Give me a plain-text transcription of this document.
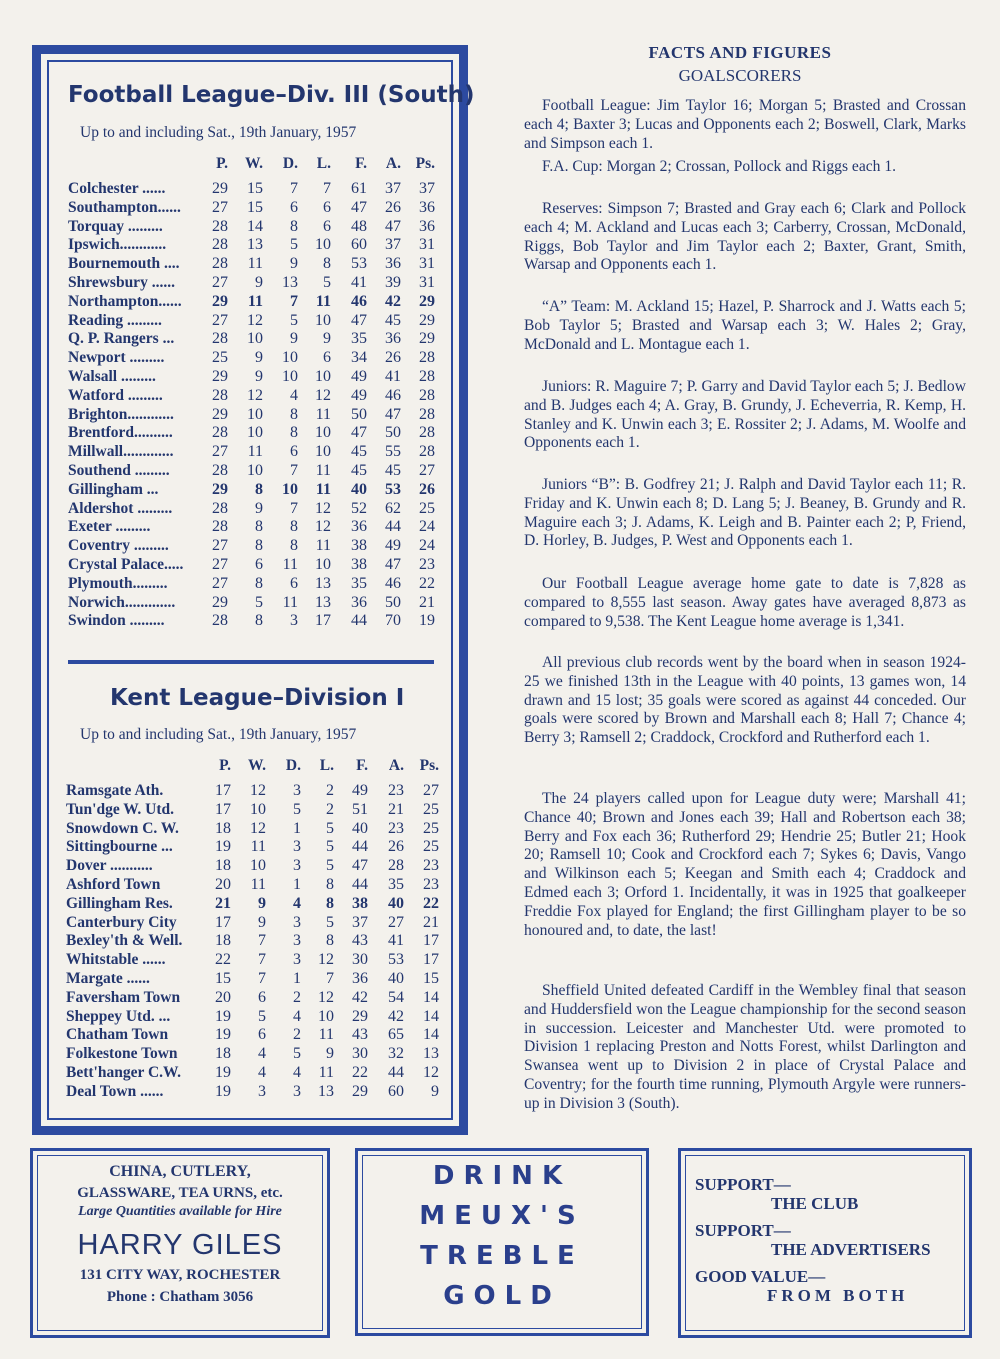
Football League–Div. III (South)
Up to and including Sat., 19th January, 1957
P.	W.	D.	L.	F.	A. Ps.
Colchester ......	29	15	7	7	61	37	37
Southampton......	27	15	6	6	47	26	36
Torquay .........	28	14	8	6	48	47	36
Ipswich............	28	13	5	10	60	37	31
Bournemouth ....	28	11	9	8	53	36	31
Shrewsbury ......	27	9	13	5	41	39	31
Northampton......	29	11	7	11	46	42	29
Reading .........	27	12	5	10	47	45	29
Q. P. Rangers ...	28	10	9	9	35	36	29
Newport .........	25	9	10	6	34	26	28
Walsall .........	29	9	10	10	49	41	28
Watford .........	28	12	4	12	49	46	28
Brighton............	29	10	8	11	50	47	28
Brentford..........	28	10	8	10	47	50	28
Millwall.............	27	11	6	10	45	55	28
Southend .........	28	10	7	11	45	45	27
Gillingham ...	29	8	10	11	40	53	26
Aldershot .........	28	9	7	12	52	62	25
Exeter .........	28	8	8	12	36	44	24
Coventry .........	27	8	8	11	38	49	24
Crystal Palace.....	27	6	11	10	38	47	23
Plymouth.........	27	8	6	13	35	46	22
Norwich.............	29	5	11	13	36	50	21
Swindon .........	28	8	3	17	44	70	19
Kent League–Division I
Up to and including Sat., 19th January, 1957
P.	W.	D.	L.	F.	A.	Ps.
Ramsgate Ath.	17	12	3	2	49	23	27
Tun'dge W. Utd.	17	10	5	2	51	21	25
Snowdown C. W.	18	12	1	5	40	23	25
Sittingbourne ...	19	11	3	5	44	26	25
Dover ...........	18	10	3	5	47	28	23
Ashford Town	20	11	1	8	44	35	23
Gillingham Res.	21	9	4	8	38	40	22
Canterbury City	17	9	3	5	37	27	21
Bexley'th & Well.	18	7	3	8	43	41	17
Whitstable ......	22	7	3	12	30	53	17
Margate ......	15	7	1	7	36	40	15
Faversham Town	20	6	2	12	42	54	14
Sheppey Utd. ...	19	5	4	10	29	42	14
Chatham Town	19	6	2	11	43	65	14
Folkestone Town	18	4	5	9	30	32	13
Bett'hanger C.W.	19	4	4	11	22	44	12
Deal Town ......	19	3	3	13	29	60	9
FACTS AND FIGURES
GOALSCORERS
Football League: Jim Taylor 16; Morgan 5; Brasted and Crossan each 4; Baxter 3; Lucas and Opponents each 2; Boswell, Clark, Marks and Simpson each 1.
F.A. Cup: Morgan 2; Crossan, Pollock and Riggs each 1.
Reserves: Simpson 7; Brasted and Gray each 6; Clark and Pollock each 4; M. Ackland and Lucas each 3; Carberry, Crossan, McDonald, Riggs, Bob Taylor and Jim Taylor each 2; Baxter, Grant, Smith, Warsap and Opponents each 1.
“A” Team: M. Ackland 15; Hazel, P. Sharrock and J. Watts each 5; Bob Taylor 5; Brasted and Warsap each 3; W. Hales 2; Gray, McDonald and L. Montague each 1.
Juniors: R. Maguire 7; P. Garry and David Taylor each 5; J. Bedlow and B. Judges each 4; A. Gray, B. Grundy, J. Echeverria, R. Kemp, H. Stanley and K. Unwin each 3; E. Rossiter 2; J. Adams, M. Woolfe and Opponents each 1.
Juniors “B”: B. Godfrey 21; J. Ralph and David Taylor each 11; R. Friday and K. Unwin each 8; D. Lang 5; J. Beaney, B. Grundy and R. Maguire each 3; J. Adams, K. Leigh and B. Painter each 2; P, Friend, D. Horley, B. Judges, P. West and Opponents each 1.
Our Football League average home gate to date is 7,828 as compared to 8,555 last season. Away gates have averaged 8,873 as compared to 9,538. The Kent League home average is 1,341.
All previous club records went by the board when in season 1924-25 we finished 13th in the League with 40 points, 13 games won, 14 drawn and 15 lost; 35 goals were scored as against 44 conceded. Our goals were scored by Brown and Marshall each 8; Hall 7; Chance 4; Berry 3; Ramsell 2; Craddock, Crockford and Rutherford each 1.
The 24 players called upon for League duty were; Marshall 41; Chance 40; Brown and Jones each 39; Hall and Robertson each 38; Berry and Fox each 36; Rutherford 29; Hendrie 25; Butler 21; Hook 20; Ramsell 10; Cook and Crockford each 7; Sykes 6; Davis, Vango and Wilkinson each 5; Keegan and Smith each 4; Craddock and Edmed each 3; Orford 1. Incidentally, it was in 1925 that goalkeeper Freddie Fox played for England; the first Gillingham player to be so honoured and, to date, the last!
Sheffield United defeated Cardiff in the Wembley final that season and Huddersfield won the League championship for the second season in succession. Leicester and Manchester Utd. were promoted to Division 1 replacing Preston and Notts Forest, whilst Darlington and Swansea went up to Division 2 in place of Crystal Palace and Coventry; for the fourth time running, Plymouth Argyle were runners-up in Division 3 (South).
CHINA, CUTLERY,
GLASSWARE, TEA URNS, etc.
Large Quantities available for Hire
HARRY GILES
131 CITY WAY, ROCHESTER
Phone : Chatham 3056
DRINK
MEUX'S
TREBLE
GOLD
SUPPORT—
THE CLUB
SUPPORT—
THE ADVERTISERS
GOOD VALUE—
FROM BOTH
